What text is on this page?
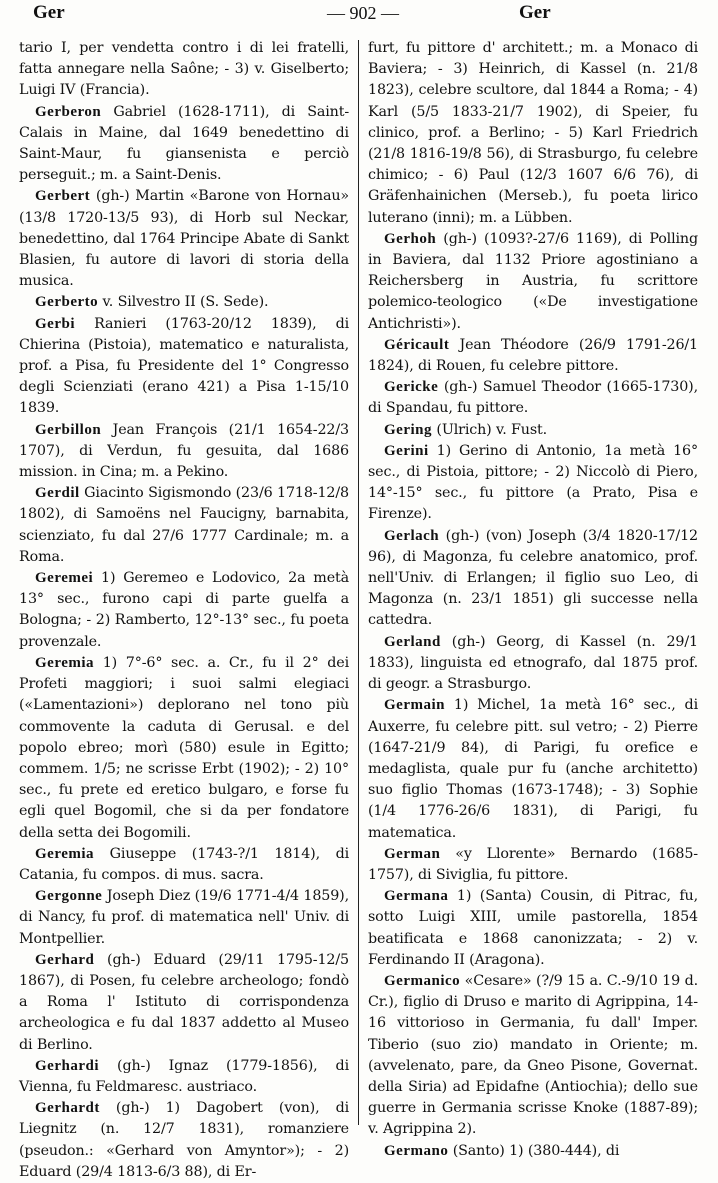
Ger	— 902 —	Ger
tario I, per vendetta contro i di lei fratelli, fatta annegare nella Saône; - 3) v. Giselberto; Luigi IV (Francia).
Gerberon Gabriel (1628-1711), di Saint-Calais in Maine, dal 1649 benedettino di Saint-Maur, fu giansenista e perciò perseguit.; m. a Saint-Denis.
Gerbert (gh-) Martin «Barone von Hornau» (13/8 1720-13/5 93), di Horb sul Neckar, benedettino, dal 1764 Principe Abate di Sankt Blasien, fu autore di lavori di storia della musica.
Gerberto v. Silvestro II (S. Sede).
Gerbi Ranieri (1763-20/12 1839), di Chierina (Pistoia), matematico e naturalista, prof. a Pisa, fu Presidente del 1° Congresso degli Scienziati (erano 421) a Pisa 1-15/10 1839.
Gerbillon Jean François (21/1 1654-22/3 1707), di Verdun, fu gesuita, dal 1686 mission. in Cina; m. a Pekino.
Gerdil Giacinto Sigismondo (23/6 1718-12/8 1802), di Samoëns nel Faucigny, barnabita, scienziato, fu dal 27/6 1777 Cardinale; m. a Roma.
Geremei 1) Geremeo e Lodovico, 2a metà 13° sec., furono capi di parte guelfa a Bologna; - 2) Ramberto, 12°-13° sec., fu poeta provenzale.
Geremia 1) 7°-6° sec. a. Cr., fu il 2° dei Profeti maggiori; i suoi salmi elegiaci («Lamentazioni») deplorano nel tono più commovente la caduta di Gerusal. e del popolo ebreo; morì (580) esule in Egitto; commem. 1/5; ne scrisse Erbt (1902); - 2) 10° sec., fu prete ed eretico bulgaro, e forse fu egli quel Bogomil, che si da per fondatore della setta dei Bogomili.
Geremia Giuseppe (1743-?/1 1814), di Catania, fu compos. di mus. sacra.
Gergonne Joseph Diez (19/6 1771-4/4 1859), di Nancy, fu prof. di matematica nell' Univ. di Montpellier.
Gerhard (gh-) Eduard (29/11 1795-12/5 1867), di Posen, fu celebre archeologo; fondò a Roma l' Istituto di corrispondenza archeologica e fu dal 1837 addetto al Museo di Berlino.
Gerhardi (gh-) Ignaz (1779-1856), di Vienna, fu Feldmaresc. austriaco.
Gerhardt (gh-) 1) Dagobert (von), di Liegnitz (n. 12/7 1831), romanziere (pseudon.: «Gerhard von Amyntor»); - 2) Eduard (29/4 1813-6/3 88), di Er-
furt, fu pittore d' architett.; m. a Monaco di Baviera; - 3) Heinrich, di Kassel (n. 21/8 1823), celebre scultore, dal 1844 a Roma; - 4) Karl (5/5 1833-21/7 1902), di Speier, fu clinico, prof. a Berlino; - 5) Karl Friedrich (21/8 1816-19/8 56), di Strasburgo, fu celebre chimico; - 6) Paul (12/3 1607 6/6 76), di Gräfenhainichen (Merseb.), fu poeta lirico luterano (inni); m. a Lübben.
Gerhoh (gh-) (1093?-27/6 1169), di Polling in Baviera, dal 1132 Priore agostiniano a Reichersberg in Austria, fu scrittore polemico-teologico («De investigatione Antichristi»).
Géricault Jean Théodore (26/9 1791-26/1 1824), di Rouen, fu celebre pittore.
Gericke (gh-) Samuel Theodor (1665-1730), di Spandau, fu pittore.
Gering (Ulrich) v. Fust.
Gerini 1) Gerino di Antonio, 1a metà 16° sec., di Pistoia, pittore; - 2) Niccolò di Piero, 14°-15° sec., fu pittore (a Prato, Pisa e Firenze).
Gerlach (gh-) (von) Joseph (3/4 1820-17/12 96), di Magonza, fu celebre anatomico, prof. nell'Univ. di Erlangen; il figlio suo Leo, di Magonza (n. 23/1 1851) gli successe nella cattedra.
Gerland (gh-) Georg, di Kassel (n. 29/1 1833), linguista ed etnografo, dal 1875 prof. di geogr. a Strasburgo.
Germain 1) Michel, 1a metà 16° sec., di Auxerre, fu celebre pitt. sul vetro; - 2) Pierre (1647-21/9 84), di Parigi, fu orefice e medaglista, quale pur fu (anche architetto) suo figlio Thomas (1673-1748); - 3) Sophie (1/4 1776-26/6 1831), di Parigi, fu matematica.
German «y Llorente» Bernardo (1685-1757), di Siviglia, fu pittore.
Germana 1) (Santa) Cousin, di Pitrac, fu, sotto Luigi XIII, umile pastorella, 1854 beatificata e 1868 canonizzata; - 2) v. Ferdinando II (Aragona).
Germanico «Cesare» (?/9 15 a. C.-9/10 19 d. Cr.), figlio di Druso e marito di Agrippina, 14-16 vittorioso in Germania, fu dall' Imper. Tiberio (suo zio) mandato in Oriente; m. (avvelenato, pare, da Gneo Pisone, Governat. della Siria) ad Epidafne (Antiochia); dello sue guerre in Germania scrisse Knoke (1887-89); v. Agrippina 2).
Germano (Santo) 1) (380-444), di
